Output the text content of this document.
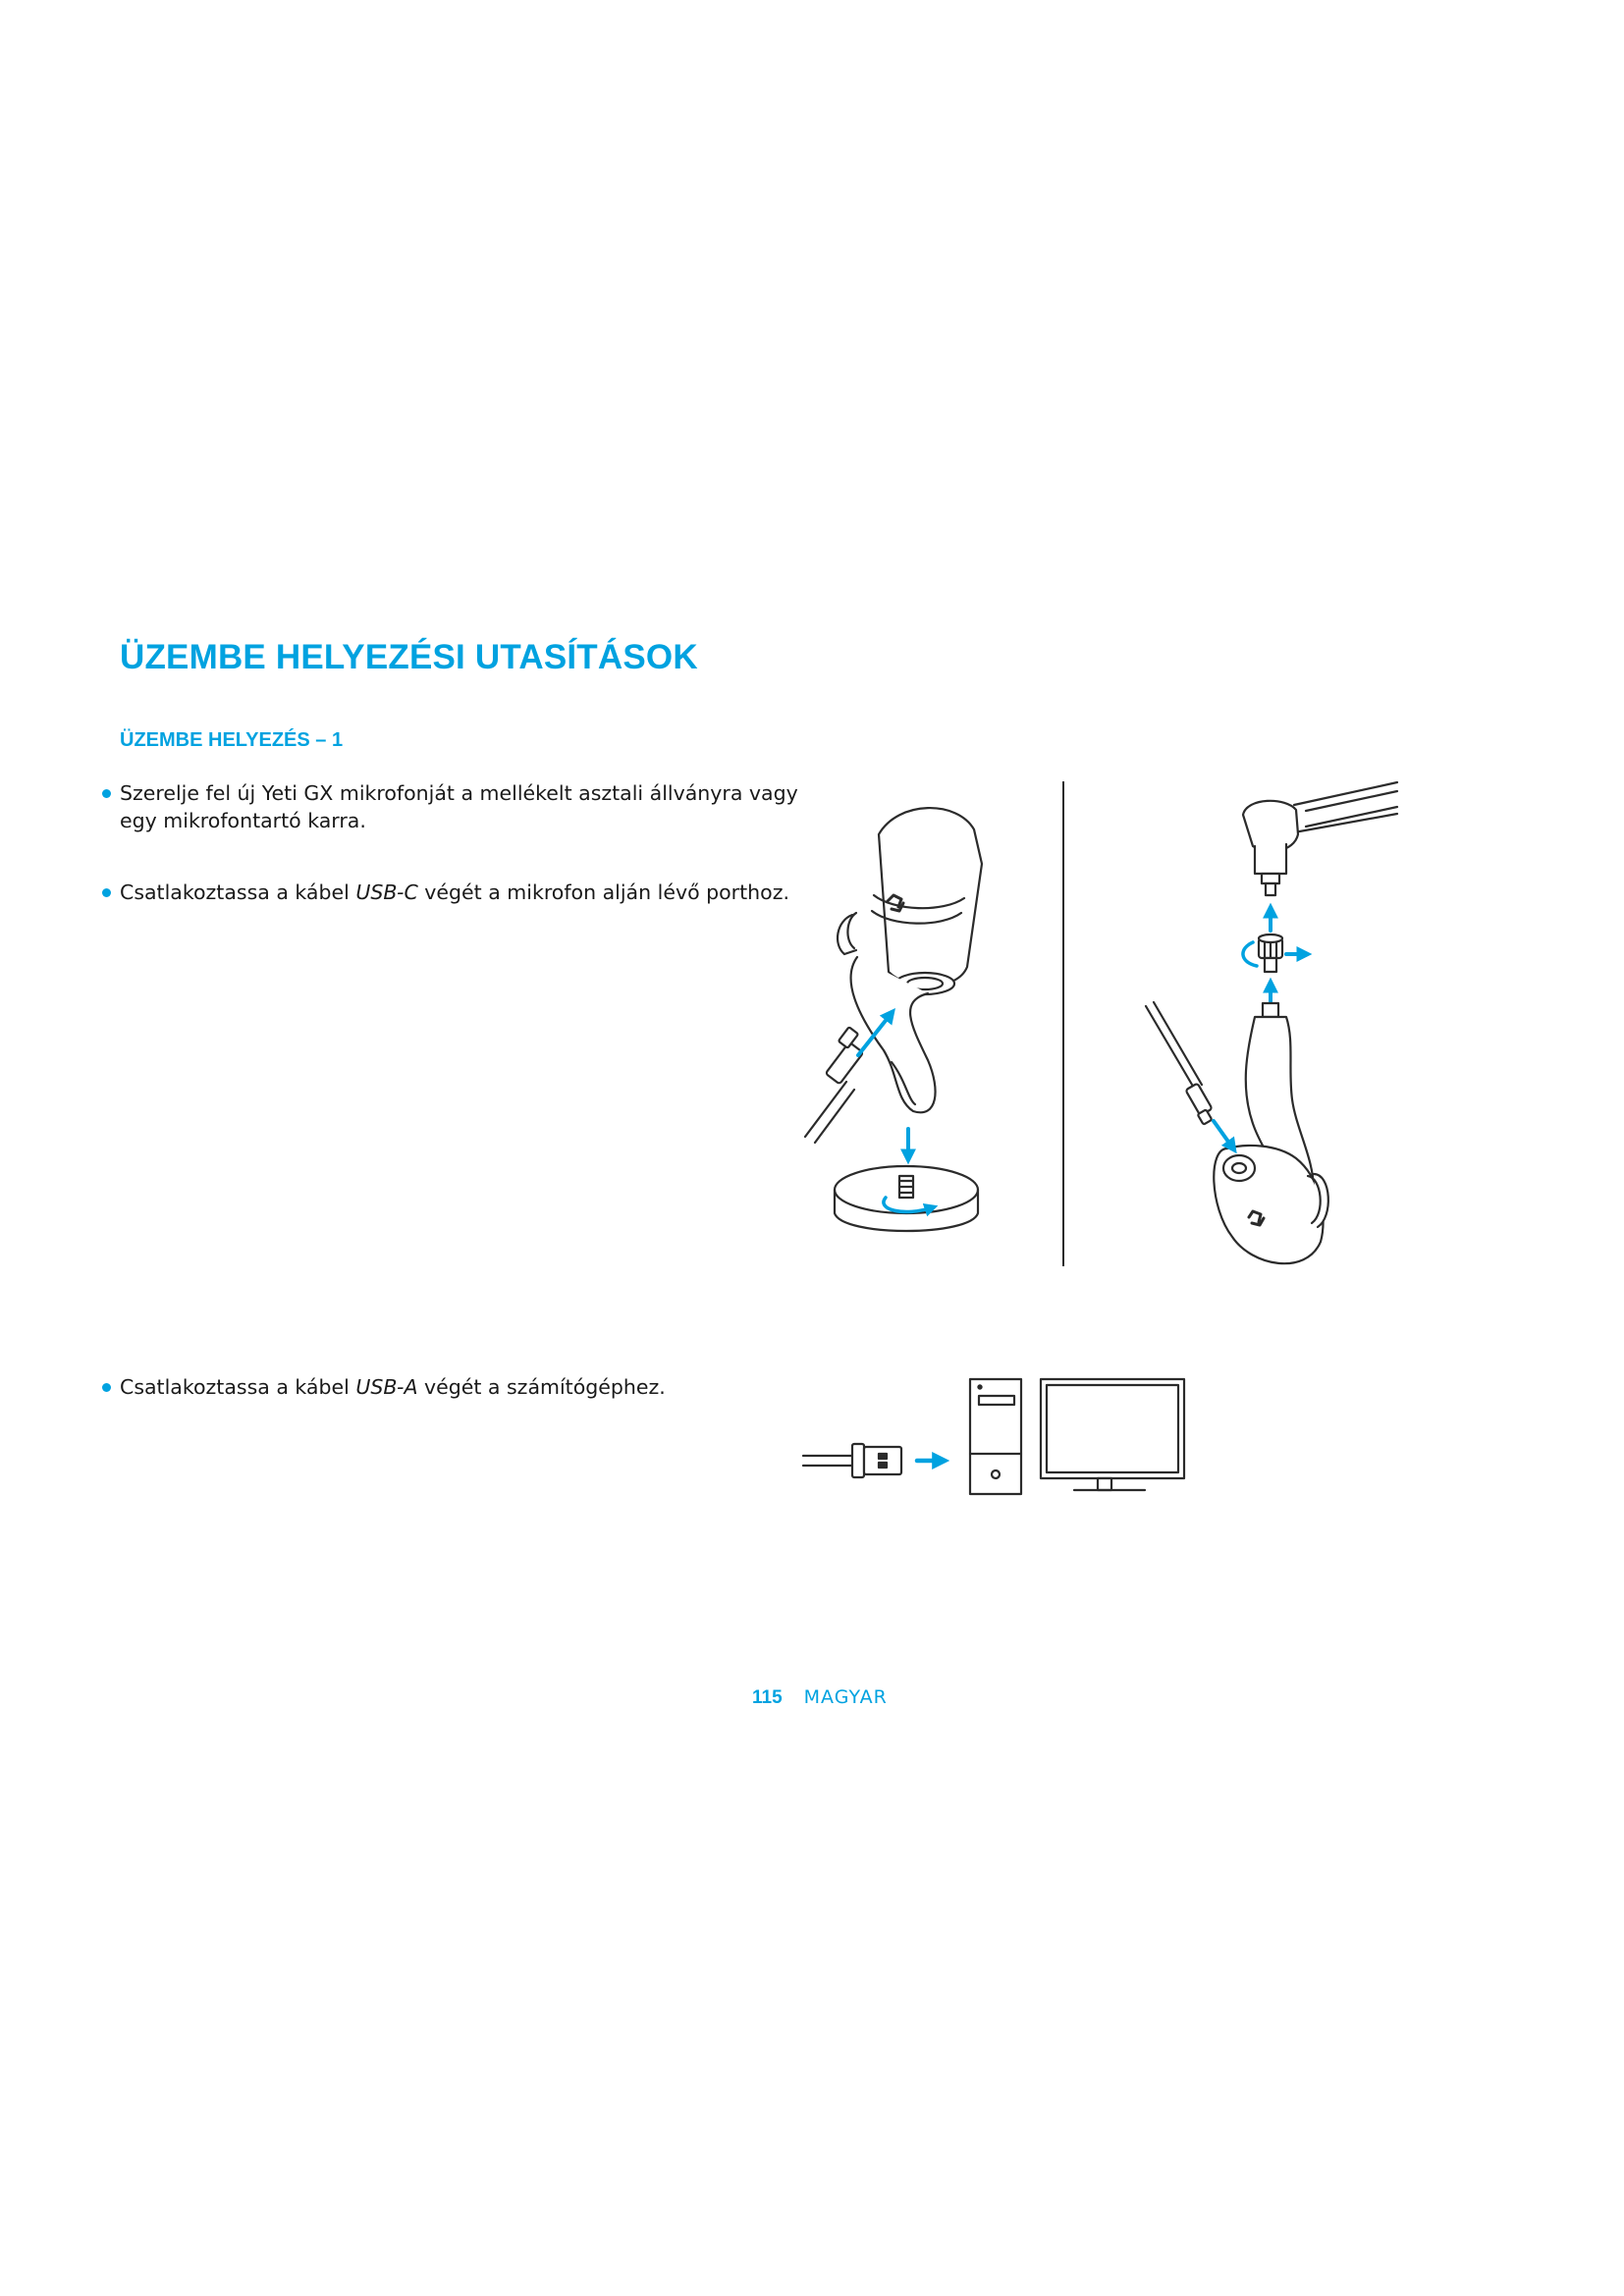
ÜZEMBE HELYEZÉSI UTASÍTÁSOK
ÜZEMBE HELYEZÉS – 1
Szerelje fel új Yeti GX mikrofonját a mellékelt asztali állványra vagy egy mikrofontartó karra.
Csatlakoztassa a kábel USB-C végét a mikrofon alján lévő porthoz.
Csatlakoztassa a kábel USB-A végét a számítógéphez.
115 MAGYAR
